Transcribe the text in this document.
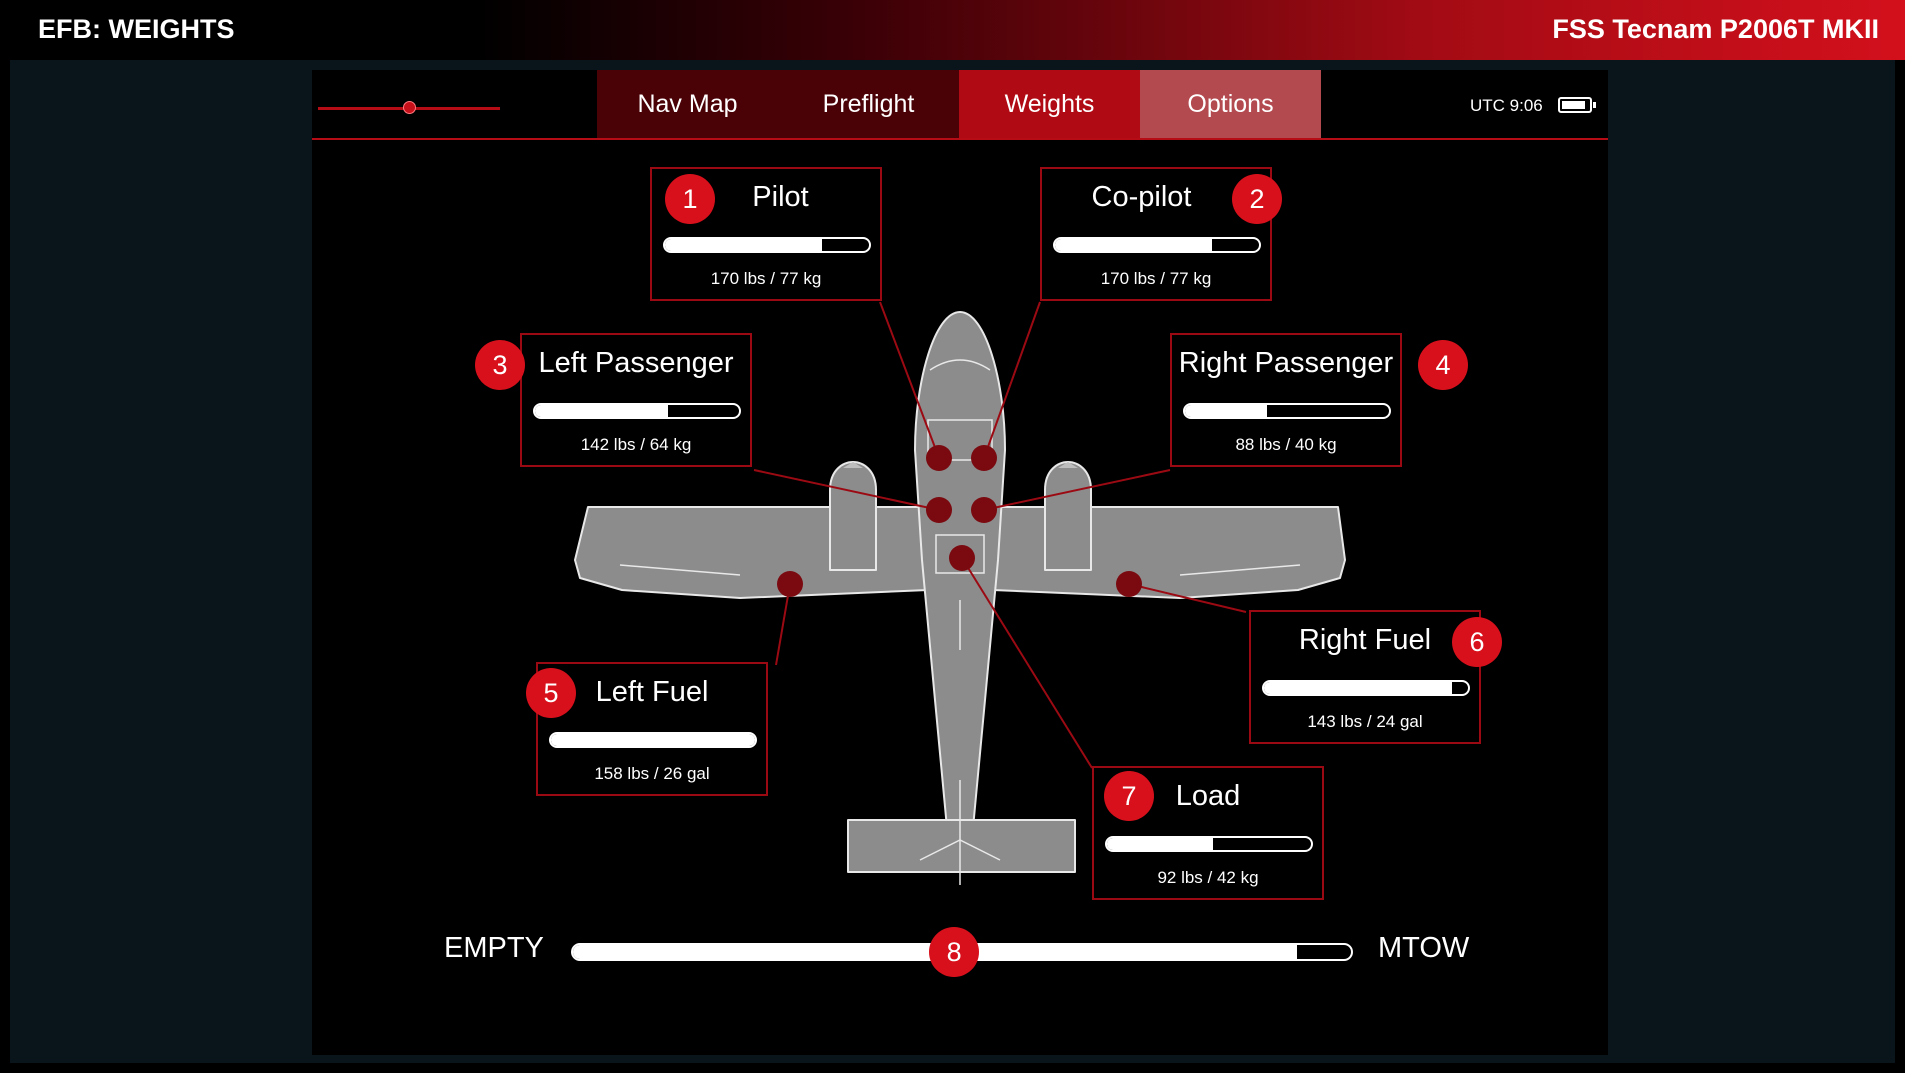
EFB: WEIGHTS	FSS Tecnam P2006T MKII
Nav Map	Preflight	Weights	Options	UTC 9:06
Pilot
170 lbs / 77 kg
1	Co-pilot
170 lbs / 77 kg
2
Left Passenger
142 lbs / 64 kg
3	Right Passenger
88 lbs / 40 kg
4
Left Fuel
158 lbs / 26 gal
5
Right Fuel
143 lbs / 24 gal
6
Load
92 lbs / 42 kg
7
EMPTY	MTOW
8
